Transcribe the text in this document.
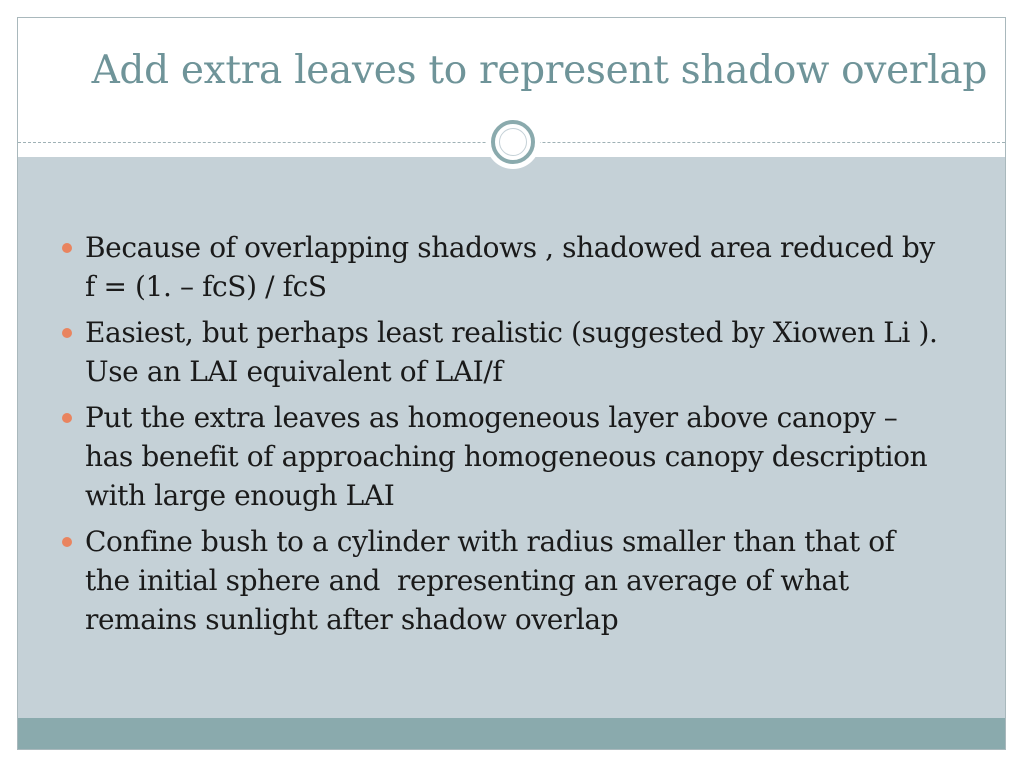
Add extra leaves to represent shadow overlap
Because of overlapping shadows , shadowed area reduced by  f = (1. – fcS) / fcS
Easiest, but perhaps least realistic (suggested by Xiowen Li ).  Use an LAI equivalent of LAI/f
Put the extra leaves as homogeneous layer above canopy – has benefit of approaching homogeneous canopy description with large enough LAI
Confine bush to a cylinder with radius smaller than that of the initial sphere and  representing an average of what remains sunlight after shadow overlap
